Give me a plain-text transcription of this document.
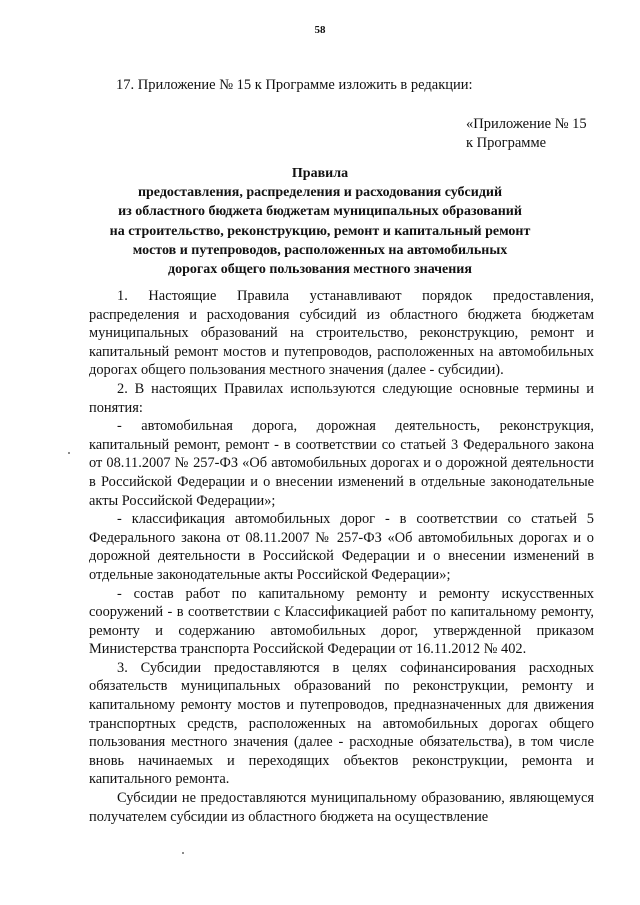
58
17. Приложение № 15 к Программе изложить в редакции:
«Приложение № 15
к Программе
Правила
предоставления, распределения и расходования субсидий
из областного бюджета бюджетам муниципальных образований
на строительство, реконструкцию, ремонт и капитальный ремонт
мостов и путепроводов, расположенных на автомобильных
дорогах общего пользования местного значения

1. Настоящие Правила устанавливают порядок предоставления, распределения и расходования субсидий из областного бюджета бюджетам муниципальных образований на строительство, реконструкцию, ремонт и капитальный ремонт мостов и путепроводов, расположенных на автомобильных дорогах общего пользования местного значения (далее - субсидии).

2. В настоящих Правилах используются следующие основные термины и понятия:

- автомобильная дорога, дорожная деятельность, реконструкция, капитальный ремонт, ремонт - в соответствии со статьей 3 Федерального закона от 08.11.2007 № 257-ФЗ «Об автомобильных дорогах и о дорожной деятельности в Российской Федерации и о внесении изменений в отдельные законодательные акты Российской Федерации»;

- классификация автомобильных дорог - в соответствии со статьей 5 Федерального закона от 08.11.2007 № 257-ФЗ «Об автомобильных дорогах и о дорожной деятельности в Российской Федерации и о внесении изменений в отдельные законодательные акты Российской Федерации»;

- состав работ по капитальному ремонту и ремонту искусственных сооружений - в соответствии с Классификацией работ по капитальному ремонту, ремонту и содержанию автомобильных дорог, утвержденной приказом Министерства транспорта Российской Федерации от 16.11.2012 № 402.

3. Субсидии предоставляются в целях софинансирования расходных обязательств муниципальных образований по реконструкции, ремонту и капитальному ремонту мостов и путепроводов, предназначенных для движения транспортных средств, расположенных на автомобильных дорогах общего пользования местного значения (далее - расходные обязательства), в том числе вновь начинаемых и переходящих объектов реконструкции, ремонта и капитального ремонта.

Субсидии не предоставляются муниципальному образованию, являющемуся получателем субсидии из областного бюджета на осуществление
